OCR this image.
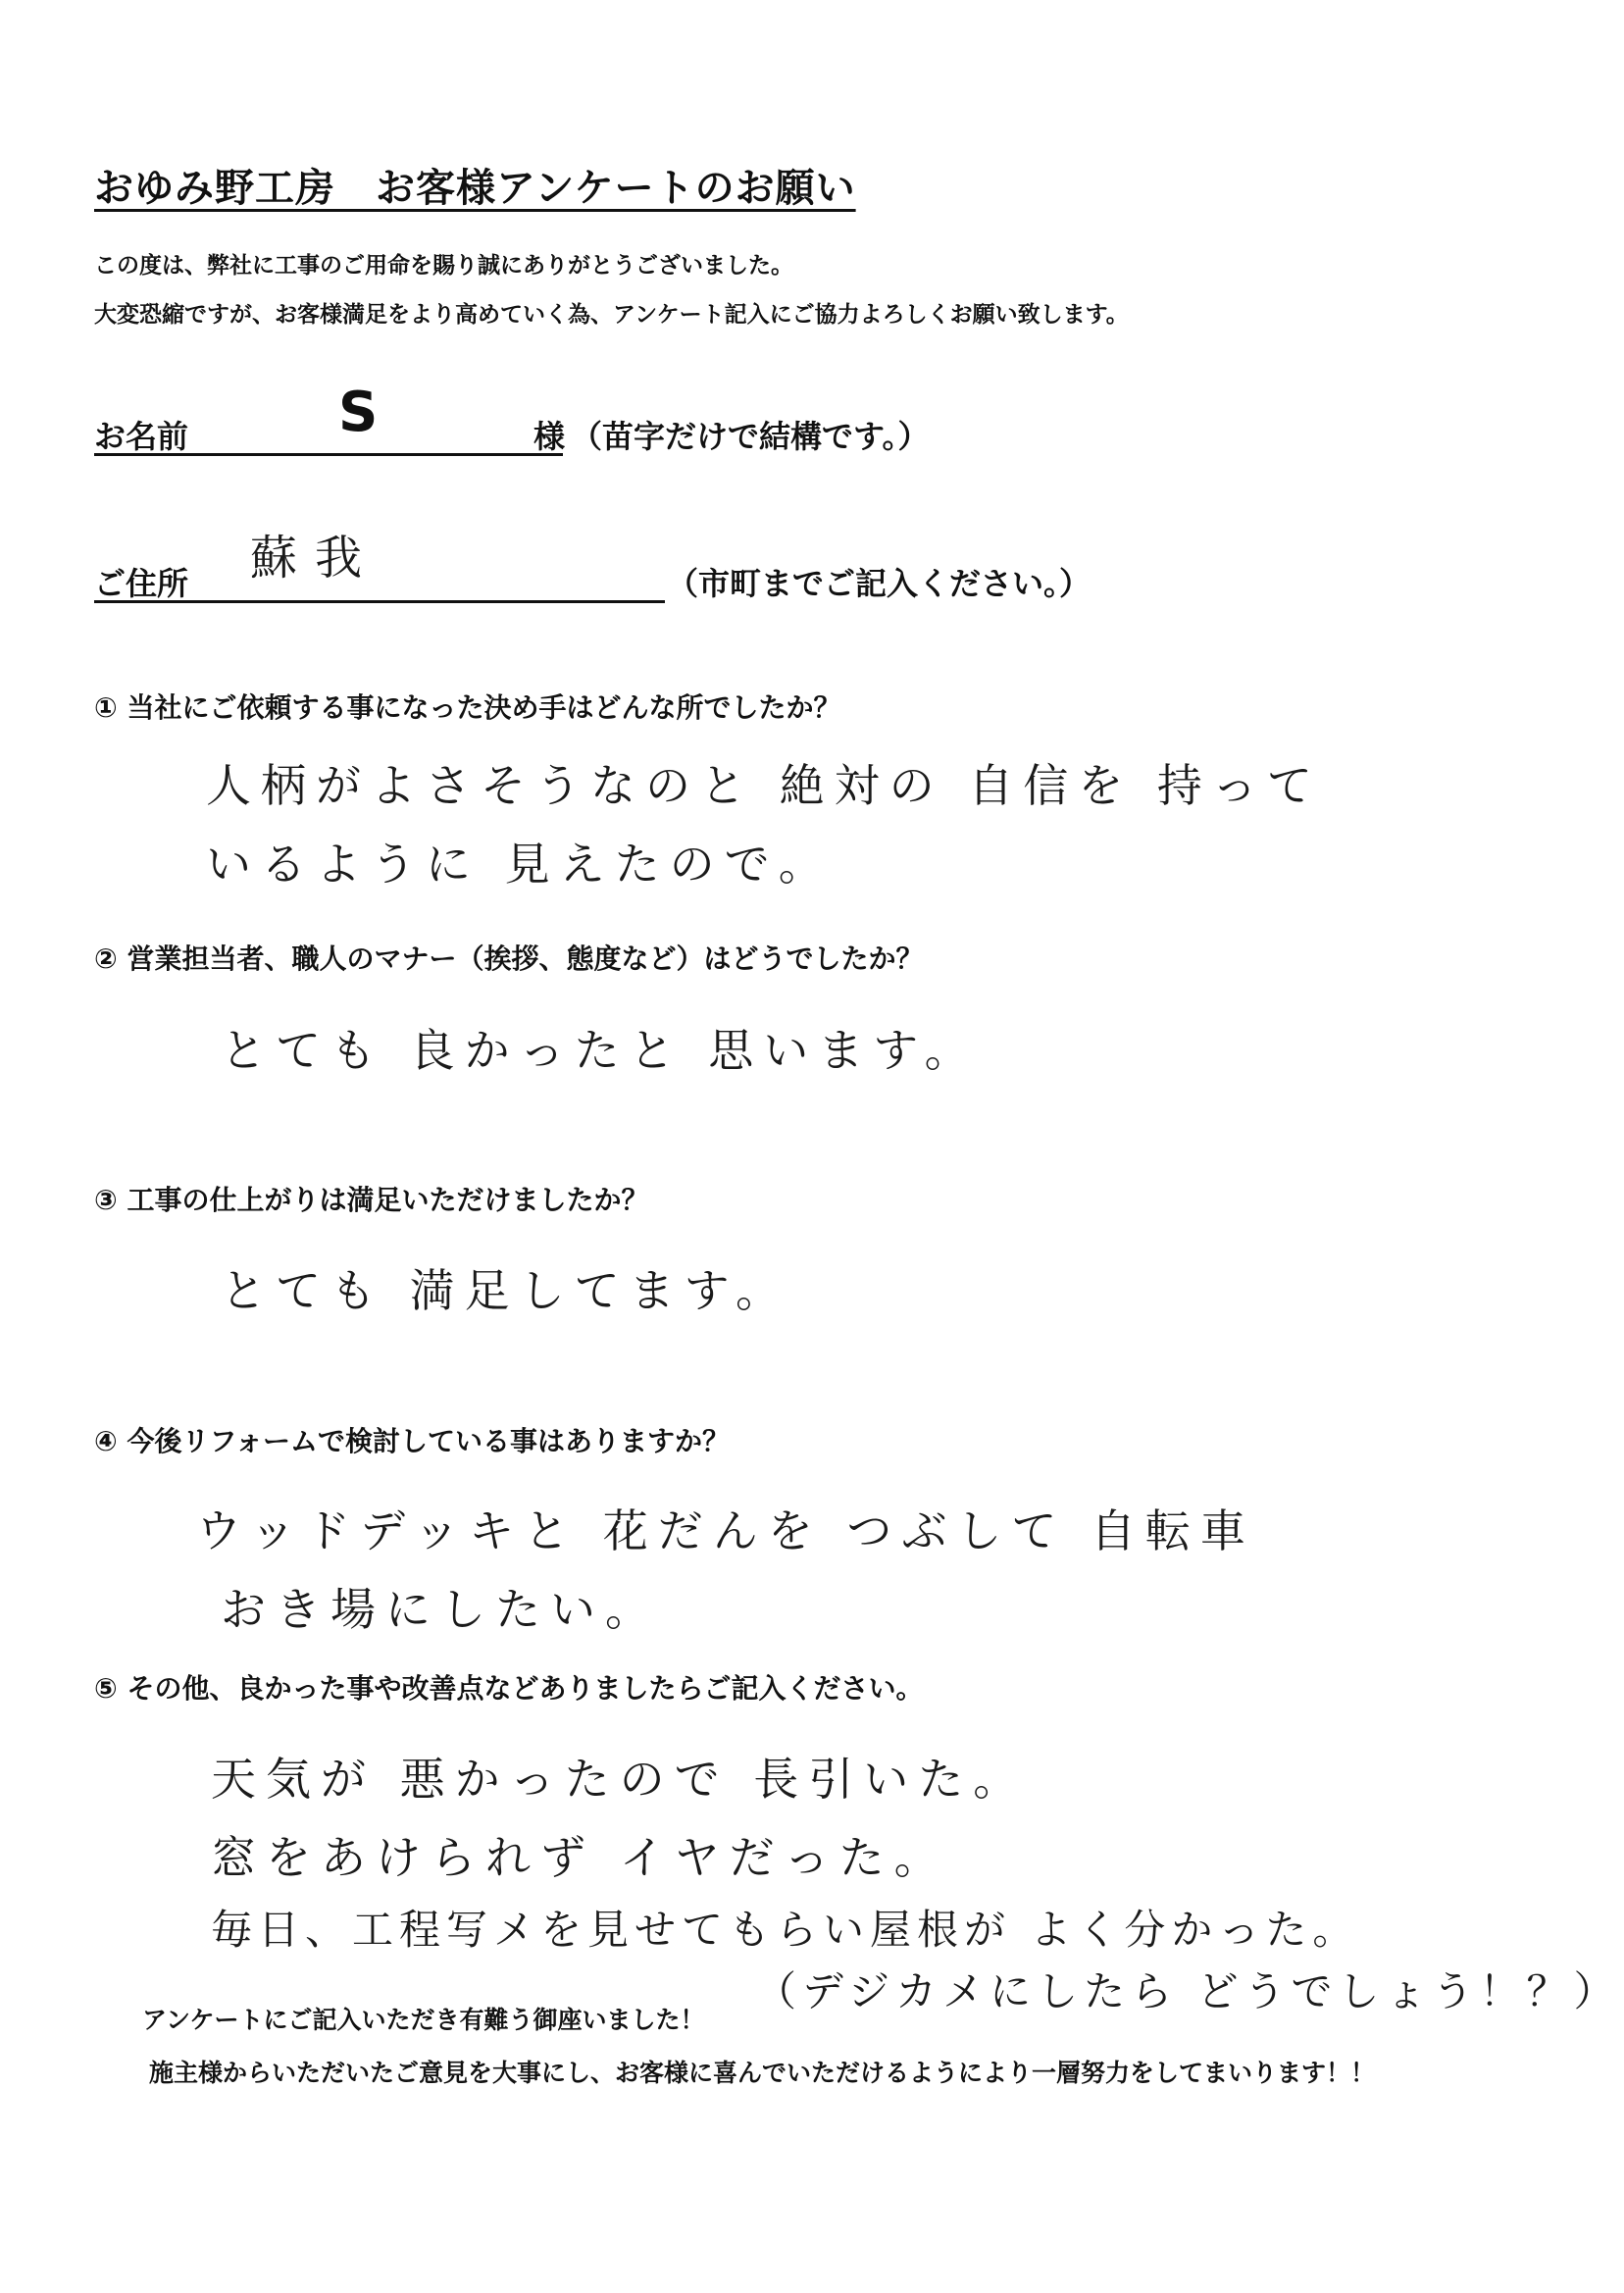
おゆみ野工房　お客様アンケートのお願い
この度は、弊社に工事のご用命を賜り誠にありがとうございました。
大変恐縮ですが、お客様満足をより高めていく為、アンケート記入にご協力よろしくお願い致します。
お名前	S	様 （苗字だけで結構です。）
ご住所 蘇我	（市町までご記入ください。）
① 当社にご依頼する事になった決め手はどんな所でしたか？
人柄がよさそうなのと 絶対の 自信を 持って
いるように 見えたので。
② 営業担当者、職人のマナー（挨拶、態度など）はどうでしたか？
とても 良かったと 思います。
③ 工事の仕上がりは満足いただけましたか？
とても 満足してます。
④ 今後リフォームで検討している事はありますか？
ウッドデッキと 花だんを つぶして 自転車
おき場にしたい。
⑤ その他、良かった事や改善点などありましたらご記入ください。
天気が 悪かったので 長引いた。
窓をあけられず イヤだった。
毎日、工程写メを見せてもらい屋根が よく分かった。
（デジカメにしたら どうでしょう！？）
アンケートにご記入いただき有難う御座いました！
施主様からいただいたご意見を大事にし、お客様に喜んでいただけるようにより一層努力をしてまいります！！
